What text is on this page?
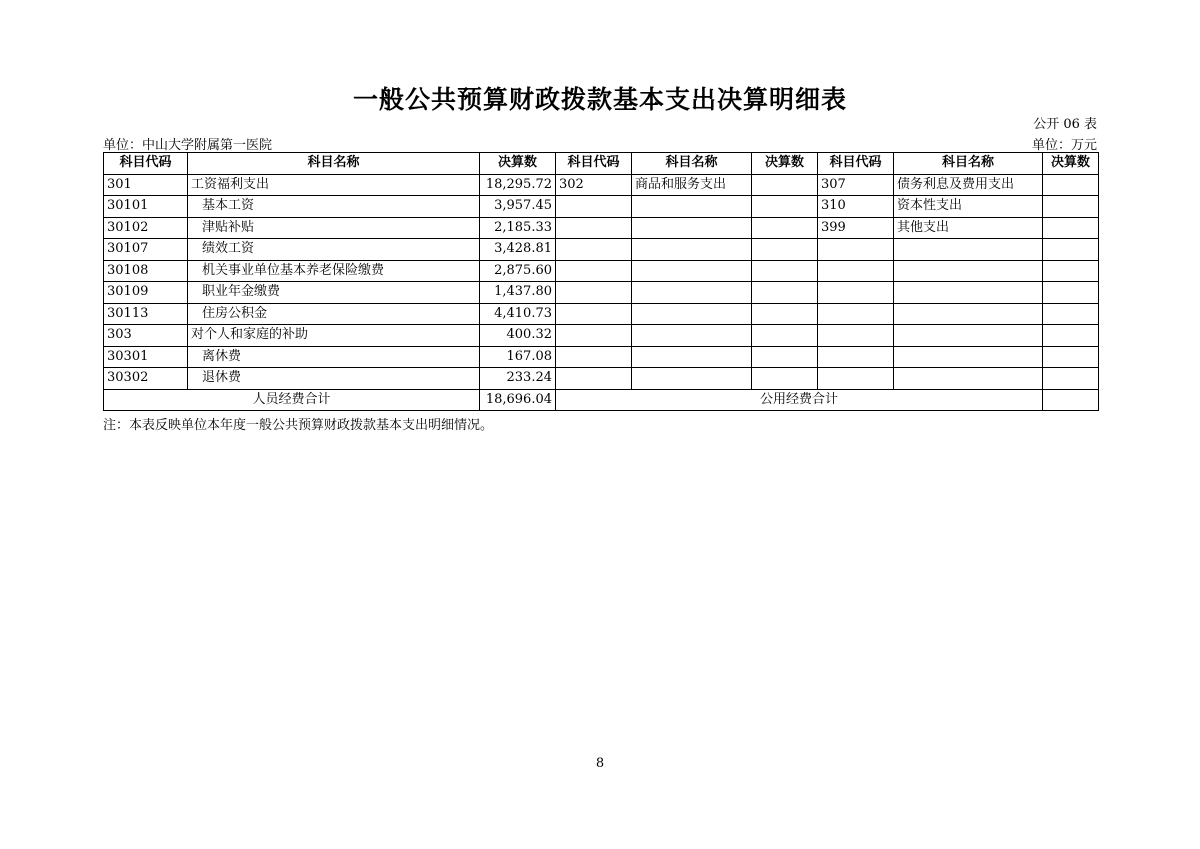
一般公共预算财政拨款基本支出决算明细表
公开 06 表
单位：中山大学附属第一医院	单位：万元
科目代码	科目名称	决算数	科目代码	科目名称	决算数	科目代码	科目名称	决算数
301	工资福利支出	18,295.72	302	商品和服务支出		307	债务利息及费用支出	
30101	基本工资	3,957.45				310	资本性支出	
30102	津贴补贴	2,185.33				399	其他支出	
30107	绩效工资	3,428.81						
30108	机关事业单位基本养老保险缴费	2,875.60						
30109	职业年金缴费	1,437.80						
30113	住房公积金	4,410.73						
303	对个人和家庭的补助	400.32						
30301	离休费	167.08						
30302	退休费	233.24						
人员经费合计		18,696.04	公用经费合计					
注：本表反映单位本年度一般公共预算财政拨款基本支出明细情况。
8
